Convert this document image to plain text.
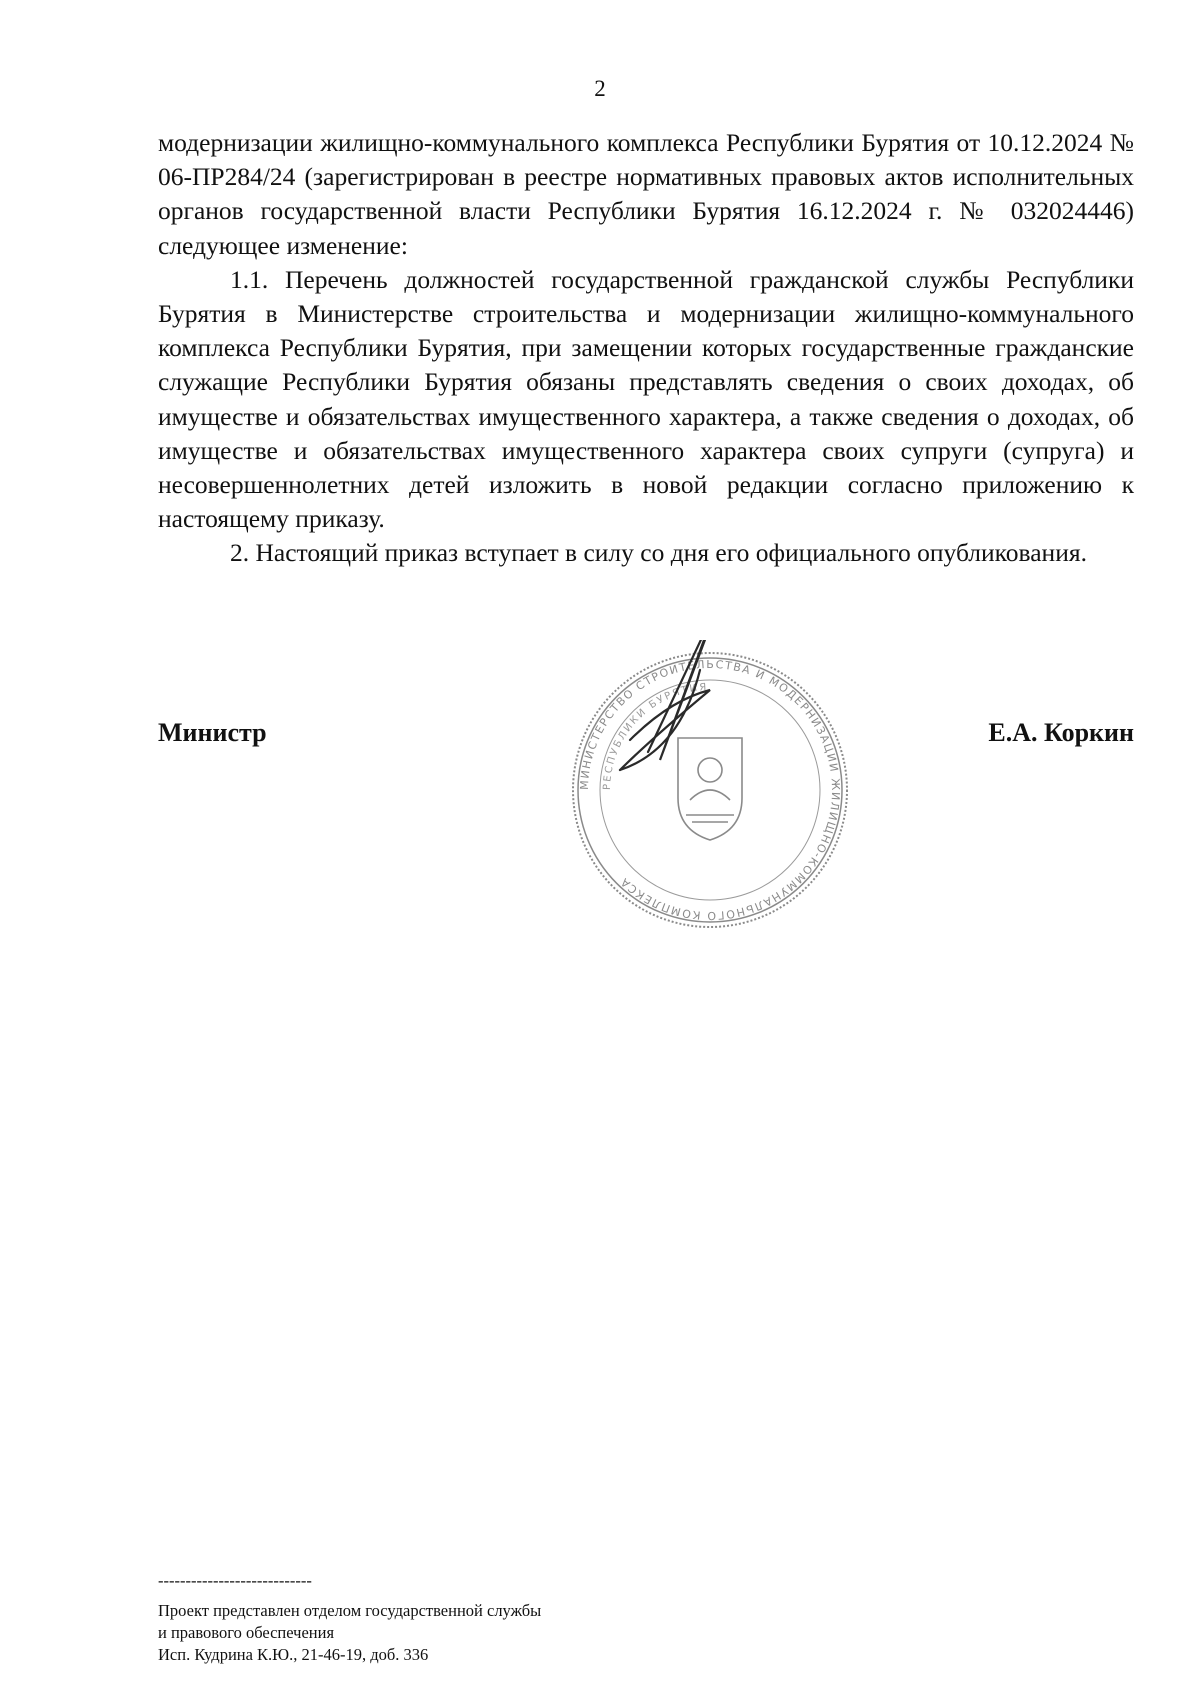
2

модернизации жилищно-коммунального комплекса Республики Бурятия от 10.12.2024 № 06-ПР284/24 (зарегистрирован в реестре нормативных правовых актов исполнительных органов государственной власти Республики Бурятия 16.12.2024 г. № 032024446) следующее изменение:

1.1. Перечень должностей государственной гражданской службы Республики Бурятия в Министерстве строительства и модернизации жилищно-коммунального комплекса Республики Бурятия, при замещении которых государственные гражданские служащие Республики Бурятия обязаны представлять сведения о своих доходах, об имуществе и обязательствах имущественного характера, а также сведения о доходах, об имуществе и обязательствах имущественного характера своих супруги (супруга) и несовершеннолетних детей изложить в новой редакции согласно приложению к настоящему приказу.

2. Настоящий приказ вступает в силу со дня его официального опубликования.

МИНИСТЕРСТВО СТРОИТЕЛЬСТВА И МОДЕРНИЗАЦИИ ЖИЛИЩНО-КОММУНАЛЬНОГО КОМПЛЕКСА
РЕСПУБЛИКИ БУРЯТИЯ
Министр	Е.А. Коркин
----------------------------
Проект представлен отделом государственной службы
и правового обеспечения
Исп. Кудрина К.Ю., 21-46-19, доб. 336
